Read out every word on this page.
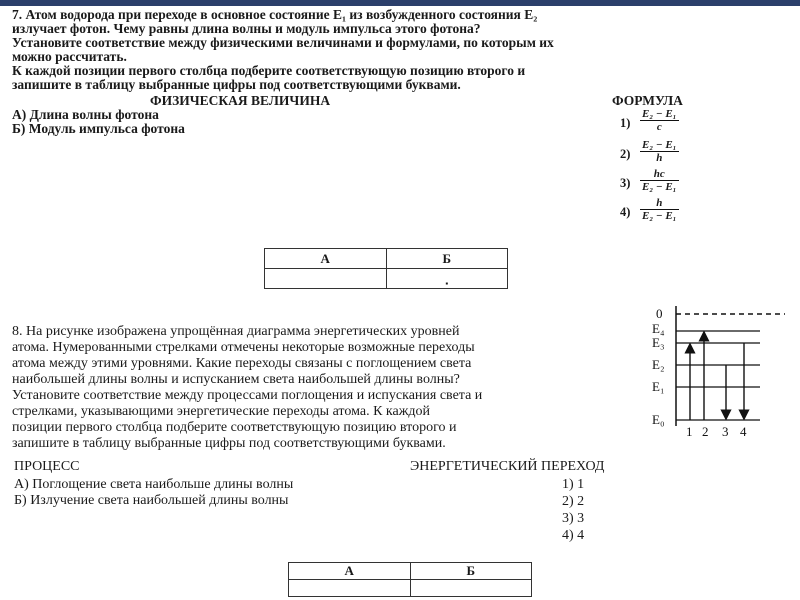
7. Атом водорода при переходе в основное состояние E₁ из возбужденного состояния E₂
излучает фотон. Чему равны длина волны и модуль импульса этого фотона?
Установите соответствие между физическими величинами и формулами, по которым их
можно рассчитать.
К каждой позиции первого столбца подберите соответствующую позицию второго и
запишите в таблицу выбранные цифры под соответствующими буквами.
ФИЗИЧЕСКАЯ ВЕЛИЧИНА	ФОРМУЛА
А) Длина волны фотона
Б) Модуль импульса фотона	$1) \frac{\text{E₂ − E₁}}{c}$
$2) \frac{\text{E₂ − E₁}}{h}$
$3) \frac{hc}{\text{E₂ − E₁}}$
$4) \frac{h}{\text{E₂ − E₁}}$
А	Б
	▪
8. На рисунке изображена упрощённая диаграмма энергетических уровней
атома. Нумерованными стрелками отмечены некоторые возможные переходы
атома между этими уровнями. Какие переходы связаны с поглощением света
наибольшей длины волны и испусканием света наибольшей длины волны?
Установите соответствие между процессами поглощения и испускания света и
стрелками, указывающими энергетические переходы атома. К каждой
позиции первого столбца подберите соответствующую позицию второго и
запишите в таблицу выбранные цифры под соответствующими буквами.
ПРОЦЕСС	ЭНЕРГЕТИЧЕСКИЙ ПЕРЕХОД
А) Поглощение света наибольше длины волны
Б) Излучение света наибольшей длины волны
1) 1
2) 2
3) 3
4) 4
0
E₄
E₃
E₂
E₁
E₀
1 2 3 4
А	Б
